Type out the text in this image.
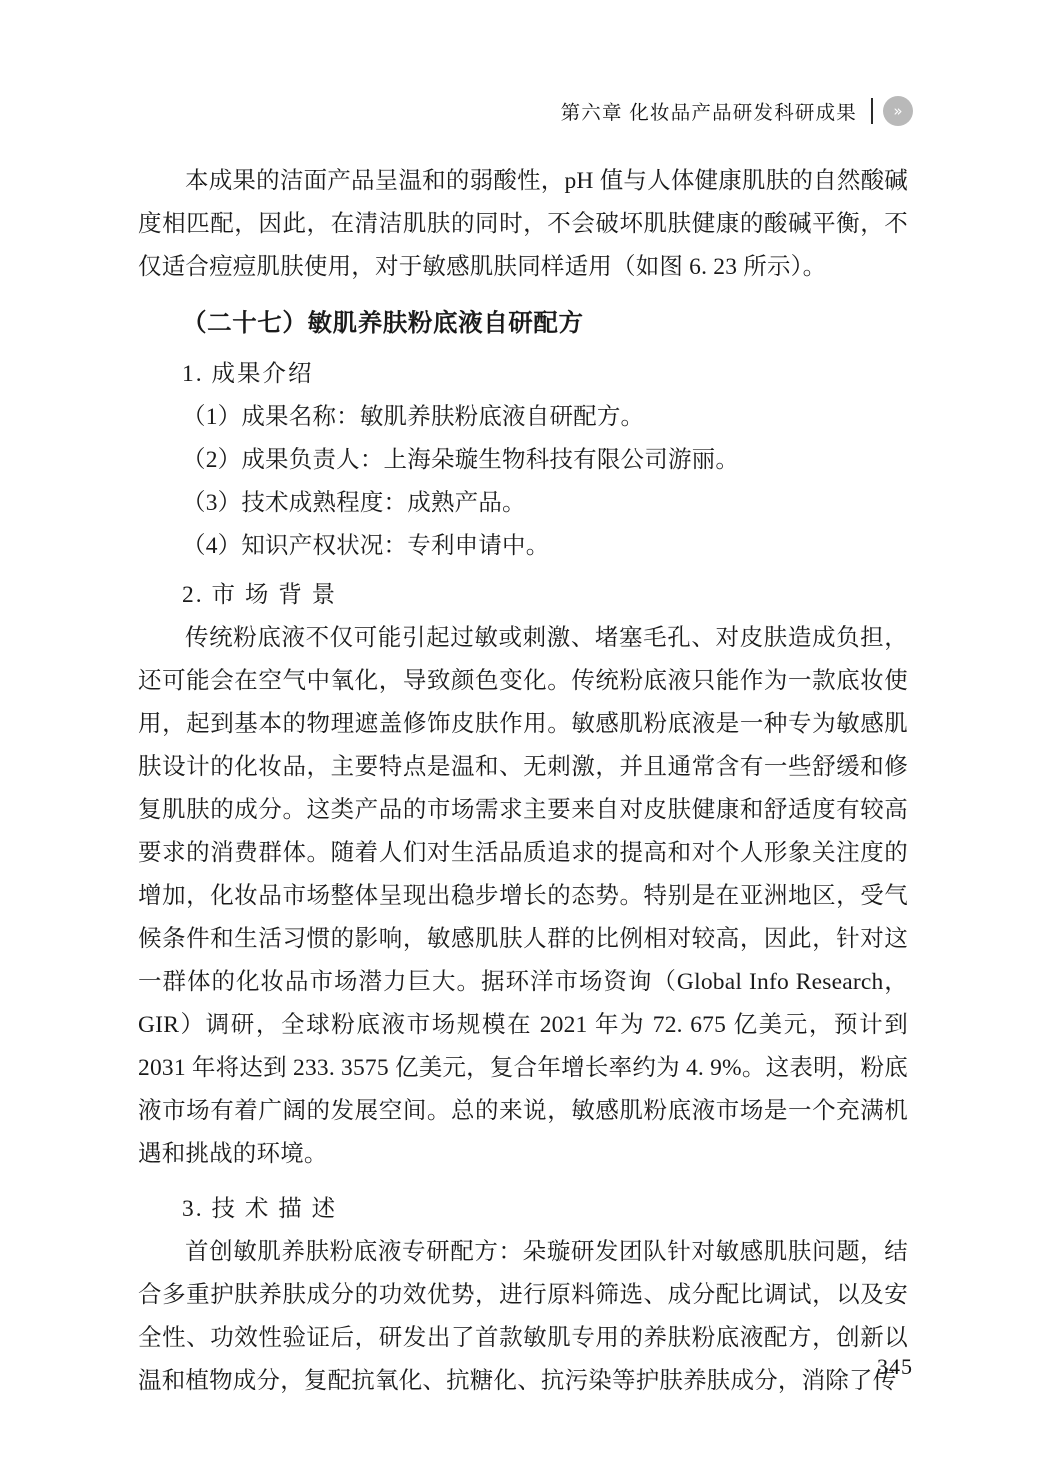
第六章 化妆品产品研发科研成果	»

本成果的洁面产品呈温和的弱酸性，pH 值与人体健康肌肤的自然酸碱度相匹配，因此，在清洁肌肤的同时，不会破坏肌肤健康的酸碱平衡，不仅适合痘痘肌肤使用，对于敏感肌肤同样适用（如图 6. 23 所示）。

（二十七）敏肌养肤粉底液自研配方

1. 成果介绍

（1）成果名称：敏肌养肤粉底液自研配方。

（2）成果负责人：上海朵璇生物科技有限公司游丽。

（3）技术成熟程度：成熟产品。

（4）知识产权状况：专利申请中。

2. 市 场 背 景

传统粉底液不仅可能引起过敏或刺激、堵塞毛孔、对皮肤造成负担，还可能会在空气中氧化，导致颜色变化。传统粉底液只能作为一款底妆使用，起到基本的物理遮盖修饰皮肤作用。敏感肌粉底液是一种专为敏感肌肤设计的化妆品，主要特点是温和、无刺激，并且通常含有一些舒缓和修复肌肤的成分。这类产品的市场需求主要来自对皮肤健康和舒适度有较高要求的消费群体。随着人们对生活品质追求的提高和对个人形象关注度的增加，化妆品市场整体呈现出稳步增长的态势。特别是在亚洲地区，受气候条件和生活习惯的影响，敏感肌肤人群的比例相对较高，因此，针对这一群体的化妆品市场潜力巨大。据环洋市场资询（Global Info Research，GIR）调研，全球粉底液市场规模在 2021 年为 72. 675 亿美元，预计到 2031 年将达到 233. 3575 亿美元，复合年增长率约为 4. 9%。这表明，粉底液市场有着广阔的发展空间。总的来说，敏感肌粉底液市场是一个充满机遇和挑战的环境。

3. 技 术 描 述

首创敏肌养肤粉底液专研配方：朵璇研发团队针对敏感肌肤问题，结合多重护肤养肤成分的功效优势，进行原料筛选、成分配比调试，以及安全性、功效性验证后，研发出了首款敏肌专用的养肤粉底液配方，创新以温和植物成分，复配抗氧化、抗糖化、抗污染等护肤养肤成分，消除了传

345
